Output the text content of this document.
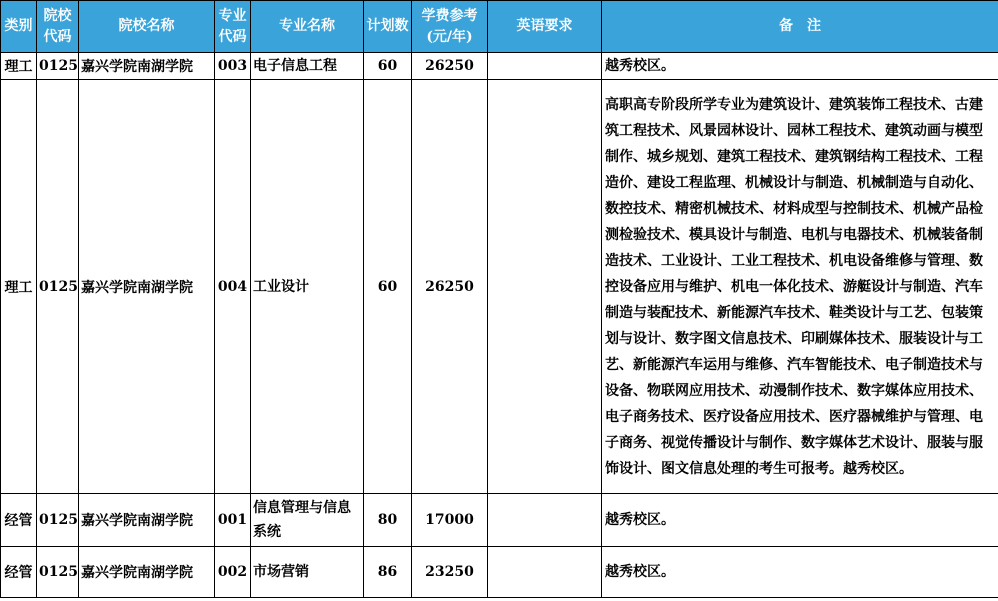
类别	院校代码	院校名称	专业代码	专业名称	计划数	学费参考(元/年)	英语要求	备　注
理工	0125	嘉兴学院南湖学院	003	电子信息工程	60	26250		越秀校区。
理工	0125	嘉兴学院南湖学院	004	工业设计	60	26250		高职高专阶段所学专业为建筑设计、建筑装饰工程技术、古建筑工程技术、风景园林设计、园林工程技术、建筑动画与模型制作、城乡规划、建筑工程技术、建筑钢结构工程技术、工程造价、建设工程监理、机械设计与制造、机械制造与自动化、数控技术、精密机械技术、材料成型与控制技术、机械产品检测检验技术、模具设计与制造、电机与电器技术、机械装备制造技术、工业设计、工业工程技术、机电设备维修与管理、数控设备应用与维护、机电一体化技术、游艇设计与制造、汽车制造与装配技术、新能源汽车技术、鞋类设计与工艺、包装策划与设计、数字图文信息技术、印刷媒体技术、服装设计与工艺、新能源汽车运用与维修、汽车智能技术、电子制造技术与设备、物联网应用技术、动漫制作技术、数字媒体应用技术、电子商务技术、医疗设备应用技术、医疗器械维护与管理、电子商务、视觉传播设计与制作、数字媒体艺术设计、服装与服饰设计、图文信息处理的考生可报考。越秀校区。
经管	0125	嘉兴学院南湖学院	001	信息管理与信息系统	80	17000		越秀校区。
经管	0125	嘉兴学院南湖学院	002	市场营销	86	23250		越秀校区。
